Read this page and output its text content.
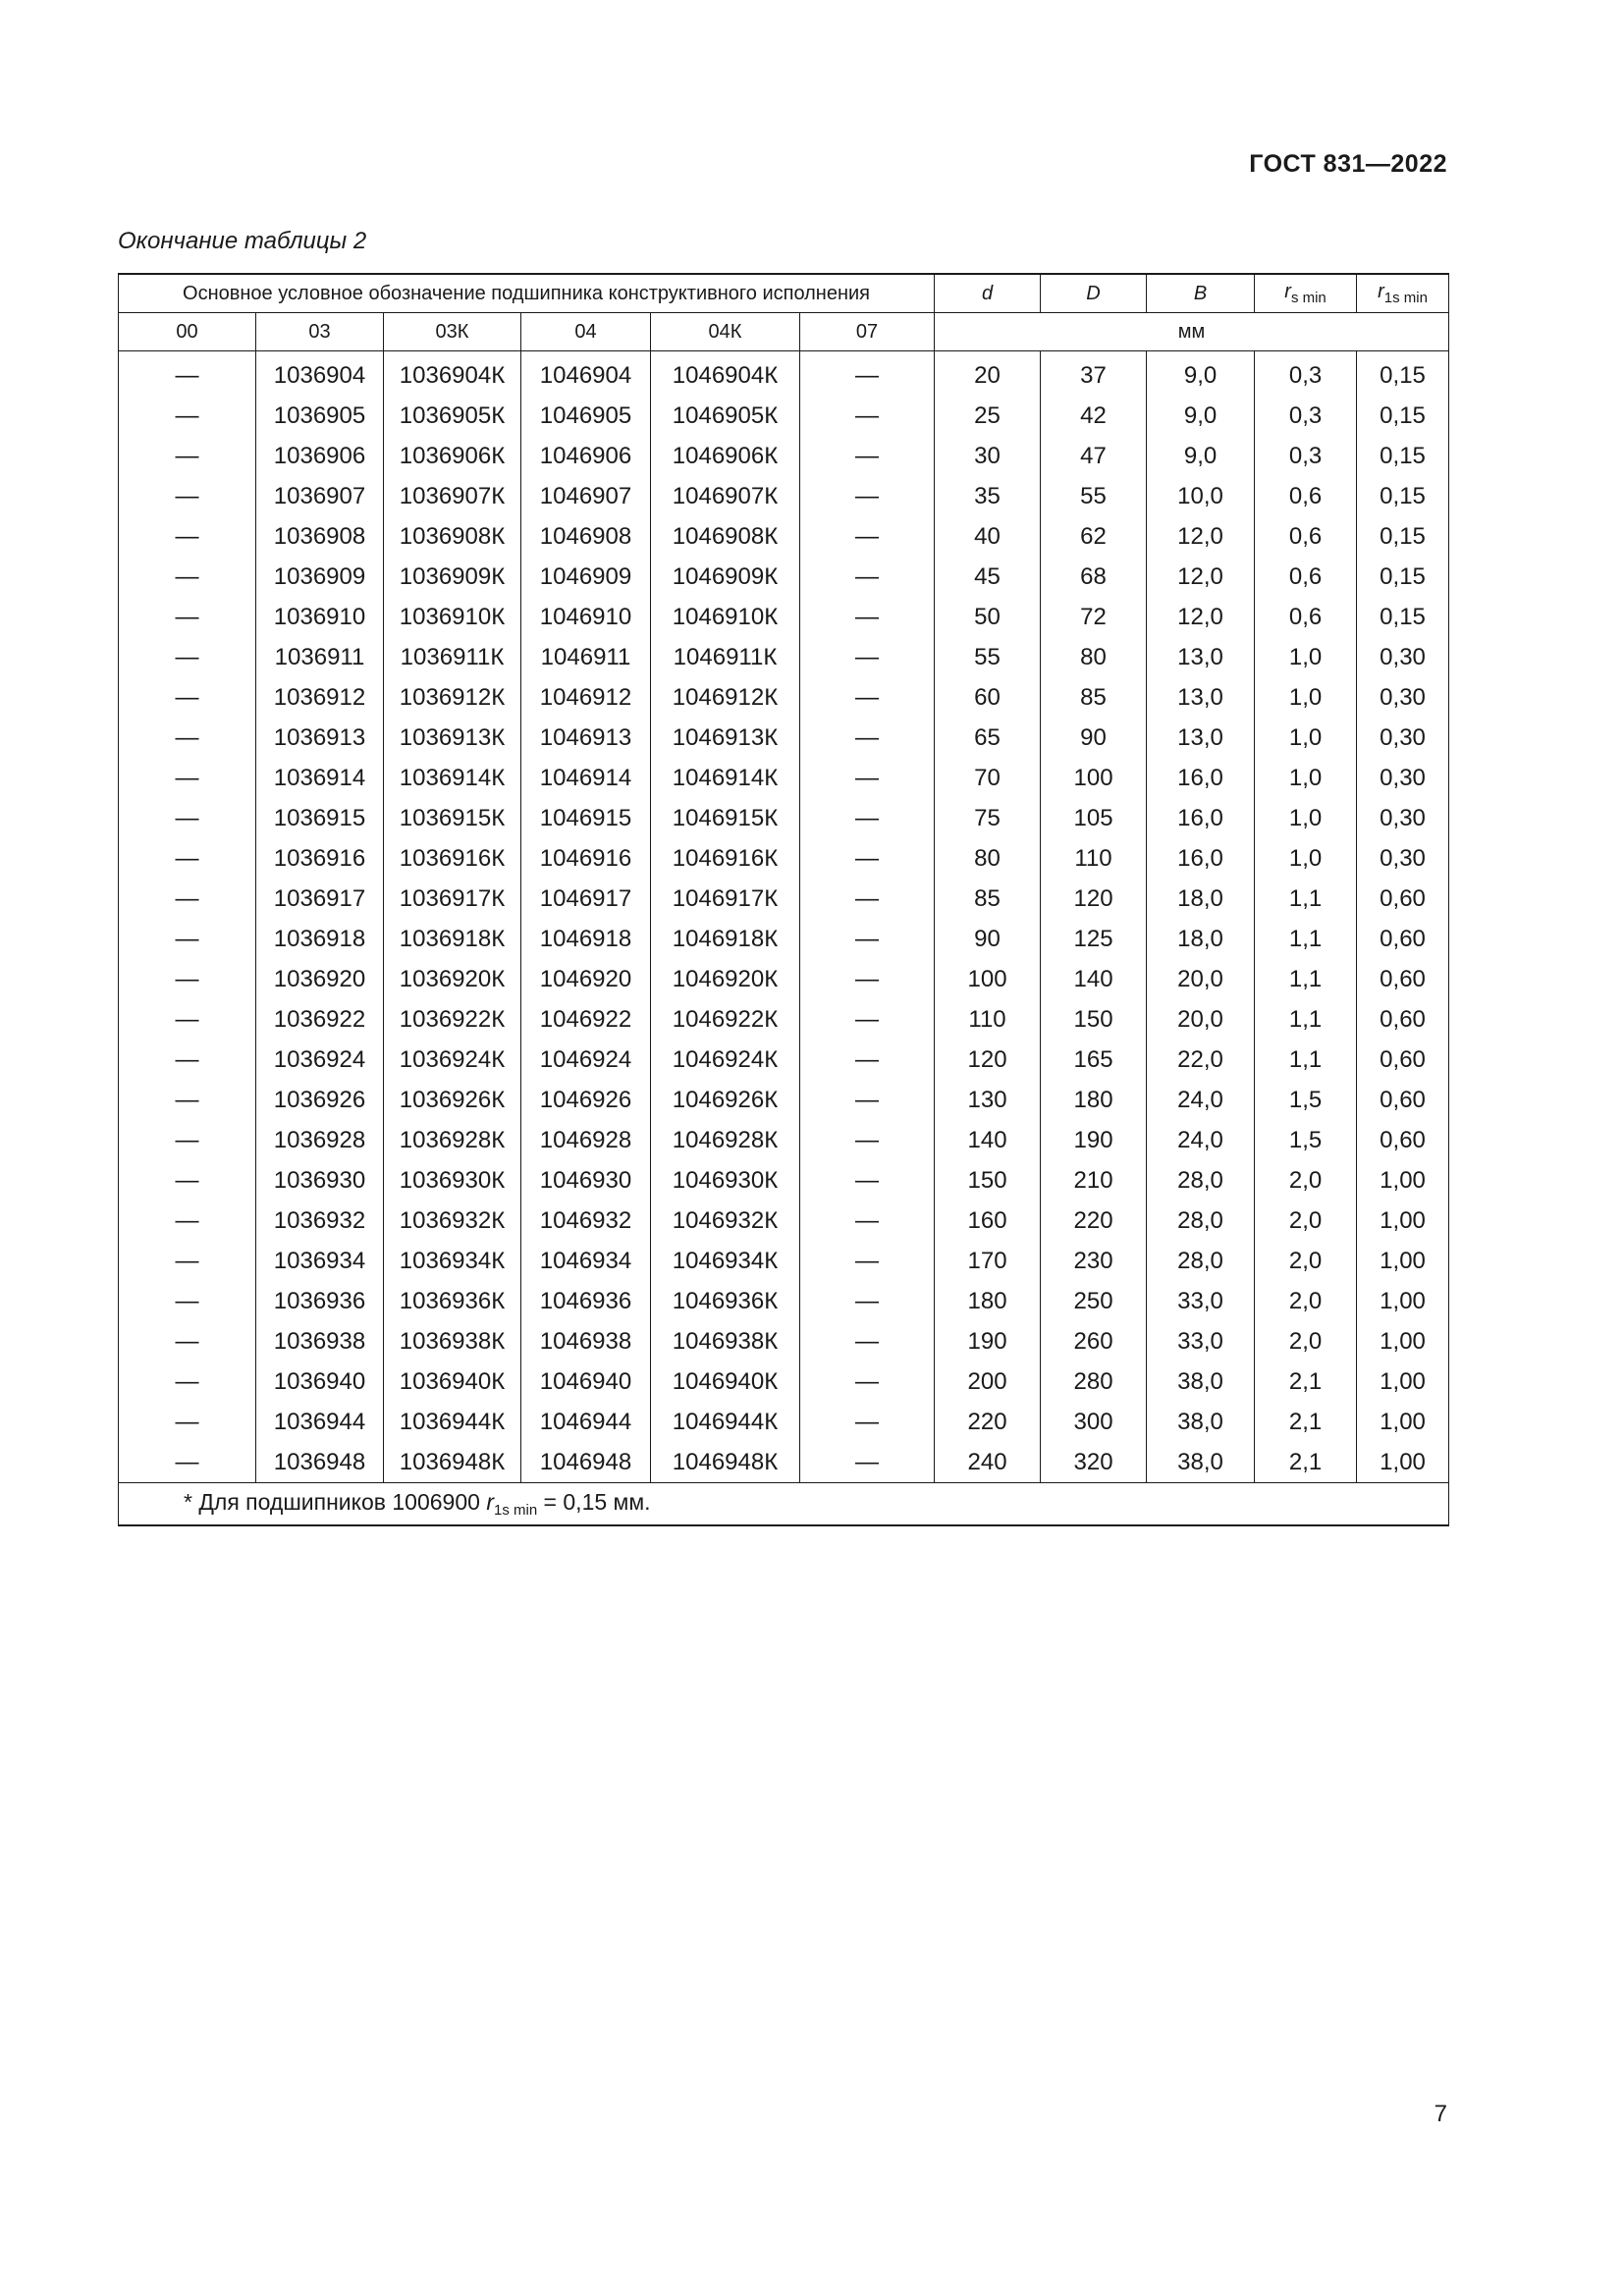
ГОСТ 831—2022
Окончание таблицы 2
Основное условное обозначение подшипника конструктивного исполнения						d	D	B	$r_{s min}$	$r_{1s min}$
00	03	03К	04	04К	07	мм				

—	1036904	1036904К	1046904	1046904К	—	20	37	9,0	0,3	0,15
—	1036905	1036905К	1046905	1046905К	—	25	42	9,0	0,3	0,15
—	1036906	1036906К	1046906	1046906К	—	30	47	9,0	0,3	0,15
—	1036907	1036907К	1046907	1046907К	—	35	55	10,0	0,6	0,15
—	1036908	1036908К	1046908	1046908К	—	40	62	12,0	0,6	0,15
—	1036909	1036909К	1046909	1046909К	—	45	68	12,0	0,6	0,15
—	1036910	1036910К	1046910	1046910К	—	50	72	12,0	0,6	0,15
—	1036911	1036911К	1046911	1046911К	—	55	80	13,0	1,0	0,30
—	1036912	1036912К	1046912	1046912К	—	60	85	13,0	1,0	0,30
—	1036913	1036913К	1046913	1046913К	—	65	90	13,0	1,0	0,30
—	1036914	1036914К	1046914	1046914К	—	70	100	16,0	1,0	0,30
—	1036915	1036915К	1046915	1046915К	—	75	105	16,0	1,0	0,30
—	1036916	1036916К	1046916	1046916К	—	80	110	16,0	1,0	0,30
—	1036917	1036917К	1046917	1046917К	—	85	120	18,0	1,1	0,60
—	1036918	1036918К	1046918	1046918К	—	90	125	18,0	1,1	0,60
—	1036920	1036920К	1046920	1046920К	—	100	140	20,0	1,1	0,60
—	1036922	1036922К	1046922	1046922К	—	110	150	20,0	1,1	0,60
—	1036924	1036924К	1046924	1046924К	—	120	165	22,0	1,1	0,60
—	1036926	1036926К	1046926	1046926К	—	130	180	24,0	1,5	0,60
—	1036928	1036928К	1046928	1046928К	—	140	190	24,0	1,5	0,60
—	1036930	1036930К	1046930	1046930К	—	150	210	28,0	2,0	1,00
—	1036932	1036932К	1046932	1046932К	—	160	220	28,0	2,0	1,00
—	1036934	1036934К	1046934	1046934К	—	170	230	28,0	2,0	1,00
—	1036936	1036936К	1046936	1046936К	—	180	250	33,0	2,0	1,00
—	1036938	1036938К	1046938	1046938К	—	190	260	33,0	2,0	1,00
—	1036940	1036940К	1046940	1046940К	—	200	280	38,0	2,1	1,00
—	1036944	1036944К	1046944	1046944К	—	220	300	38,0	2,1	1,00
—	1036948	1036948К	1046948	1046948К	—	240	320	38,0	2,1	1,00
* Для подшипников 1006900 $r_{1s min} = 0,15$ мм.										
7
